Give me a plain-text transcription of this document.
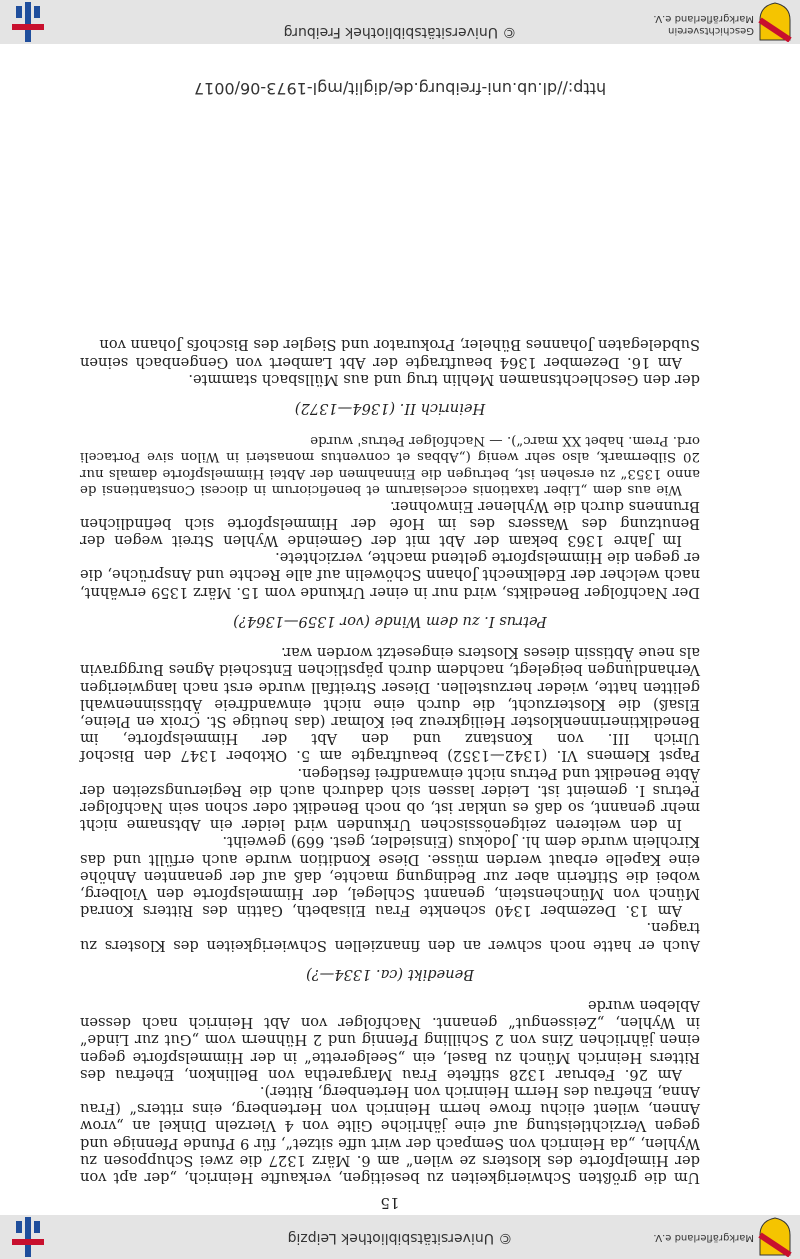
© Universitätsbibliothek Leipzig	Markgräflerland e.V.
15

Um die größten Schwierigkeiten zu beseitigen, verkaufte Heinrich, „der apt von der Himelpforte des klosters ze wilen“ am 6. März 1327 die zwei Schupposen zu Wyhlen, „da Heinrich von Sempach der wirt uffe sitzet“, für 9 Pfunde Pfennige und gegen Verzichtleistung auf eine jährliche Gilte von 4 Vierzeln Dinkel an „vrow Annen, wilent elichu frowe herrn Heinrich von Hertenberg, eins ritters“ (Frau Anna, Ehefrau des Herrn Heinrich von Hertenberg, Ritter).

Am 26. Februar 1328 stiftete Frau Margaretha von Bellinkon, Ehefrau des Ritters Heinrich Münch zu Basel, ein „Seelgerette“ in der Himmelspforte gegen einen jährlichen Zins von 2 Schilling Pfennig und 2 Hühnern vom „Gut zur Linde“ in Wyhlen, „Zeissengut“ genannt. Nachfolger von Abt Heinrich nach dessen Ableben wurde

Benedikt (ca. 1334—?)

Auch er hatte noch schwer an den finanziellen Schwierigkeiten des Klosters zu tragen.

Am 13. Dezember 1340 schenkte Frau Elisabeth, Gattin des Ritters Konrad Münch von Münchenstein, genannt Schlegel, der Himmelspforte den Violberg, wobei die Stifterin aber zur Bedingung machte, daß auf der genannten Anhöhe eine Kapelle erbaut werden müsse. Diese Kondition wurde auch erfüllt und das Kirchlein wurde dem hl. Jodokus (Einsiedler, gest. 669) geweiht.

In den weiteren zeitgenössischen Urkunden wird leider ein Abtsname nicht mehr genannt, so daß es unklar ist, ob noch Benedikt oder schon sein Nachfolger Petrus I. gemeint ist. Leider lassen sich dadurch auch die Regierungszeiten der Äbte Benedikt und Petrus nicht einwandfrei festlegen.

Papst Klemens VI. (1342—1352) beauftragte am 5. Oktober 1347 den Bischof Ulrich III. von Konstanz und den Abt der Himmelspforte, im Benediktinerinnenkloster Heiligkreuz bei Kolmar (das heutige St. Croix en Pleine, Elsaß) die Klosterzucht, die durch eine nicht einwandfreie Äbtissinnenwahl gelitten hatte, wieder herzustellen. Dieser Streitfall wurde erst nach langwierigen Verhandlungen beigelegt, nachdem durch päpstlichen Entscheid Agnes Burggravin als neue Äbtissin dieses Klosters eingesetzt worden war.

Petrus I. zu dem Winde (vor 1359—1364?)

Der Nachfolger Benedikts, wird nur in einer Urkunde vom 15. März 1359 erwähnt, nach welcher der Edelknecht Johann Schöwelin auf alle Rechte und Ansprüche, die er gegen die Himmelspforte geltend machte, verzichtete.

Im Jahre 1363 bekam der Abt mit der Gemeinde Wyhlen Streit wegen der Benutzung des Wassers des im Hofe der Himmelspforte sich befindlichen Brunnens durch die Wyhlener Einwohner.

Wie aus dem „Liber taxationis ecclesiarum et beneficiorum in diocesi Constantiensi de anno 1353“ zu ersehen ist, betrugen die Einnahmen der Abtei Himmelspforte damals nur 20 Silbermark, also sehr wenig („Abbas et conventus monasteri in Wilon sive Portaceli ord. Prem. habet XX marc“). — Nachfolger Petrus' wurde

Heinrich II. (1364—1372)

der den Geschlechtsnamen Mehlin trug und aus Müllsbach stammte.

Am 16. Dezember 1364 beauftragte der Abt Lambert von Gengenbach seinen Subdelegaten Johannes Büheler, Prokurator und Siegler des Bischofs Johann von

© Universitätsbibliothek Freiburg	Geschichtsverein
Markgräflerland e.V.
http://dl.ub.uni-freiburg.de/diglit/mgl-1973-06/0017
